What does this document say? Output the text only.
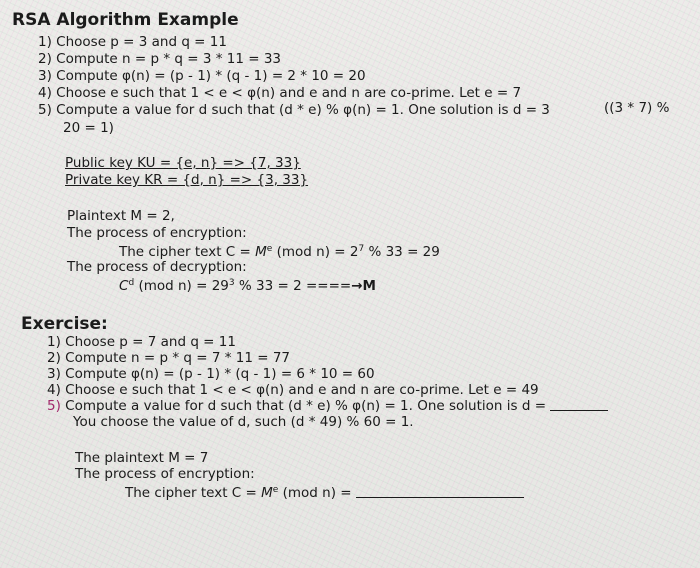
RSA Algorithm Example
1) Choose p = 3 and q = 11
2) Compute n = p * q = 3 * 11 = 33
3) Compute φ(n) = (p - 1) * (q - 1) = 2 * 10 = 20
4) Choose e such that 1 < e < φ(n) and e and n are co-prime. Let e = 7
5) Compute a value for d such that (d * e) % φ(n) = 1. One solution is d = 3	((3 * 7) %
20 = 1)
Public key KU = {e, n} => {7, 33}
Private key KR = {d, n} => {3, 33}
Plaintext M = 2,
The process of encryption:
The cipher text $C = M^e$ (mod $n) = 2^7$ % 33 = 29
The process of decryption:
$C^d$ (mod $n) = 29^3$ % 33 = 2 ====→M
Exercise:
1) Choose p = 7 and q = 11
2) Compute n = p * q = 7 * 11 = 77
3) Compute φ(n) = (p - 1) * (q - 1) = 6 * 10 = 60
4) Choose e such that 1 < e < φ(n) and e and n are co-prime. Let e = 49
5) Compute a value for d such that (d * e) % φ(n) = 1. One solution is d =
You choose the value of d, such (d * 49) % 60 = 1.
The plaintext M = 7
The process of encryption:
The cipher text $C = M^e$ (mod n) =
